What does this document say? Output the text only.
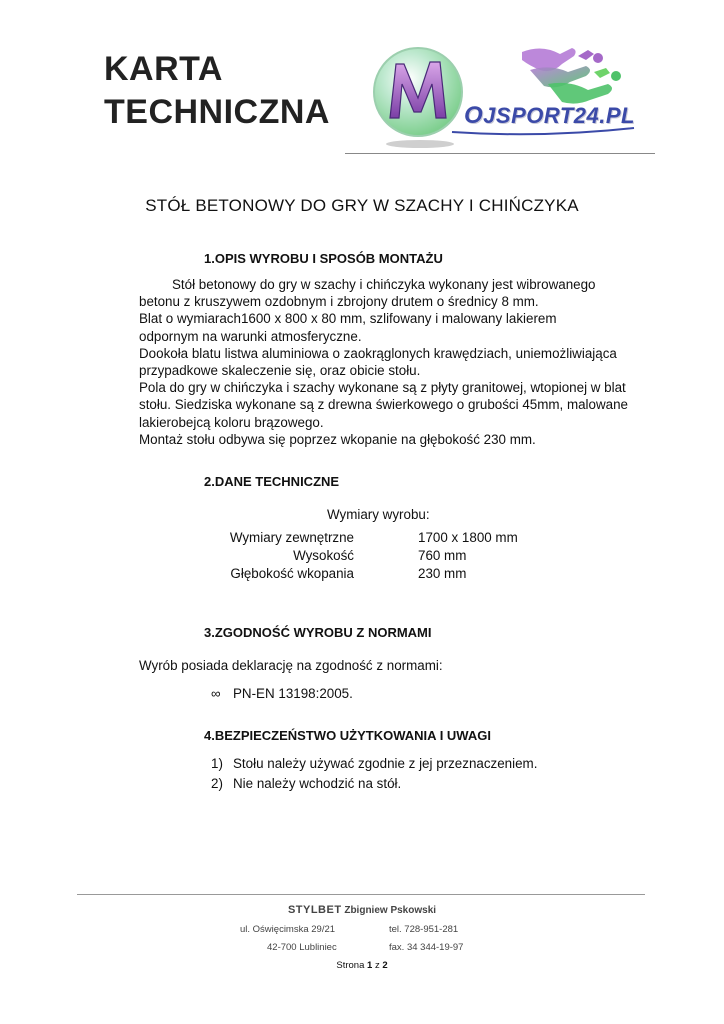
KARTA
TECHNICZNA	OJSPORT24.PL
STÓŁ BETONOWY DO GRY W SZACHY I CHIŃCZYKA
1.OPIS WYROBU I SPOSÓB MONTAŻU

Stół betonowy do gry w szachy i chińczyka wykonany jest wibrowanego

betonu z kruszywem ozdobnym i zbrojony drutem o średnicy 8 mm.

Blat o wymiarach1600 x 800 x 80 mm, szlifowany i malowany lakierem

odpornym na warunki atmosferyczne.

Dookoła blatu listwa aluminiowa o zaokrąglonych krawędziach, uniemożliwiająca

przypadkowe skaleczenie się, oraz obicie stołu.

Pola do gry w chińczyka i szachy wykonane są z płyty granitowej, wtopionej w blat

stołu. Siedziska wykonane są z drewna świerkowego o grubości 45mm, malowane

lakierobejcą koloru brązowego.

Montaż stołu odbywa się poprzez wkopanie na głębokość 230 mm.

2.DANE TECHNICZNE
Wymiary wyrobu:
Wymiary zewnętrzne	1700 x 1800 mm
Wysokość	760 mm
Głębokość wkopania	230 mm
3.ZGODNOŚĆ WYROBU Z NORMAMI
Wyrób posiada deklarację na zgodność z normami:
∞ PN-EN 13198:2005.
4.BEZPIECZEŃSTWO UŻYTKOWANIA I UWAGI
1) Stołu należy używać zgodnie z jej przeznaczeniem.
2) Nie należy wchodzić na stół.
STYLBET Zbigniew Pskowski
ul. Oświęcimska 29/21	tel. 728-951-281
42-700 Lubliniec	fax. 34 344-19-97
Strona 1 z 2
